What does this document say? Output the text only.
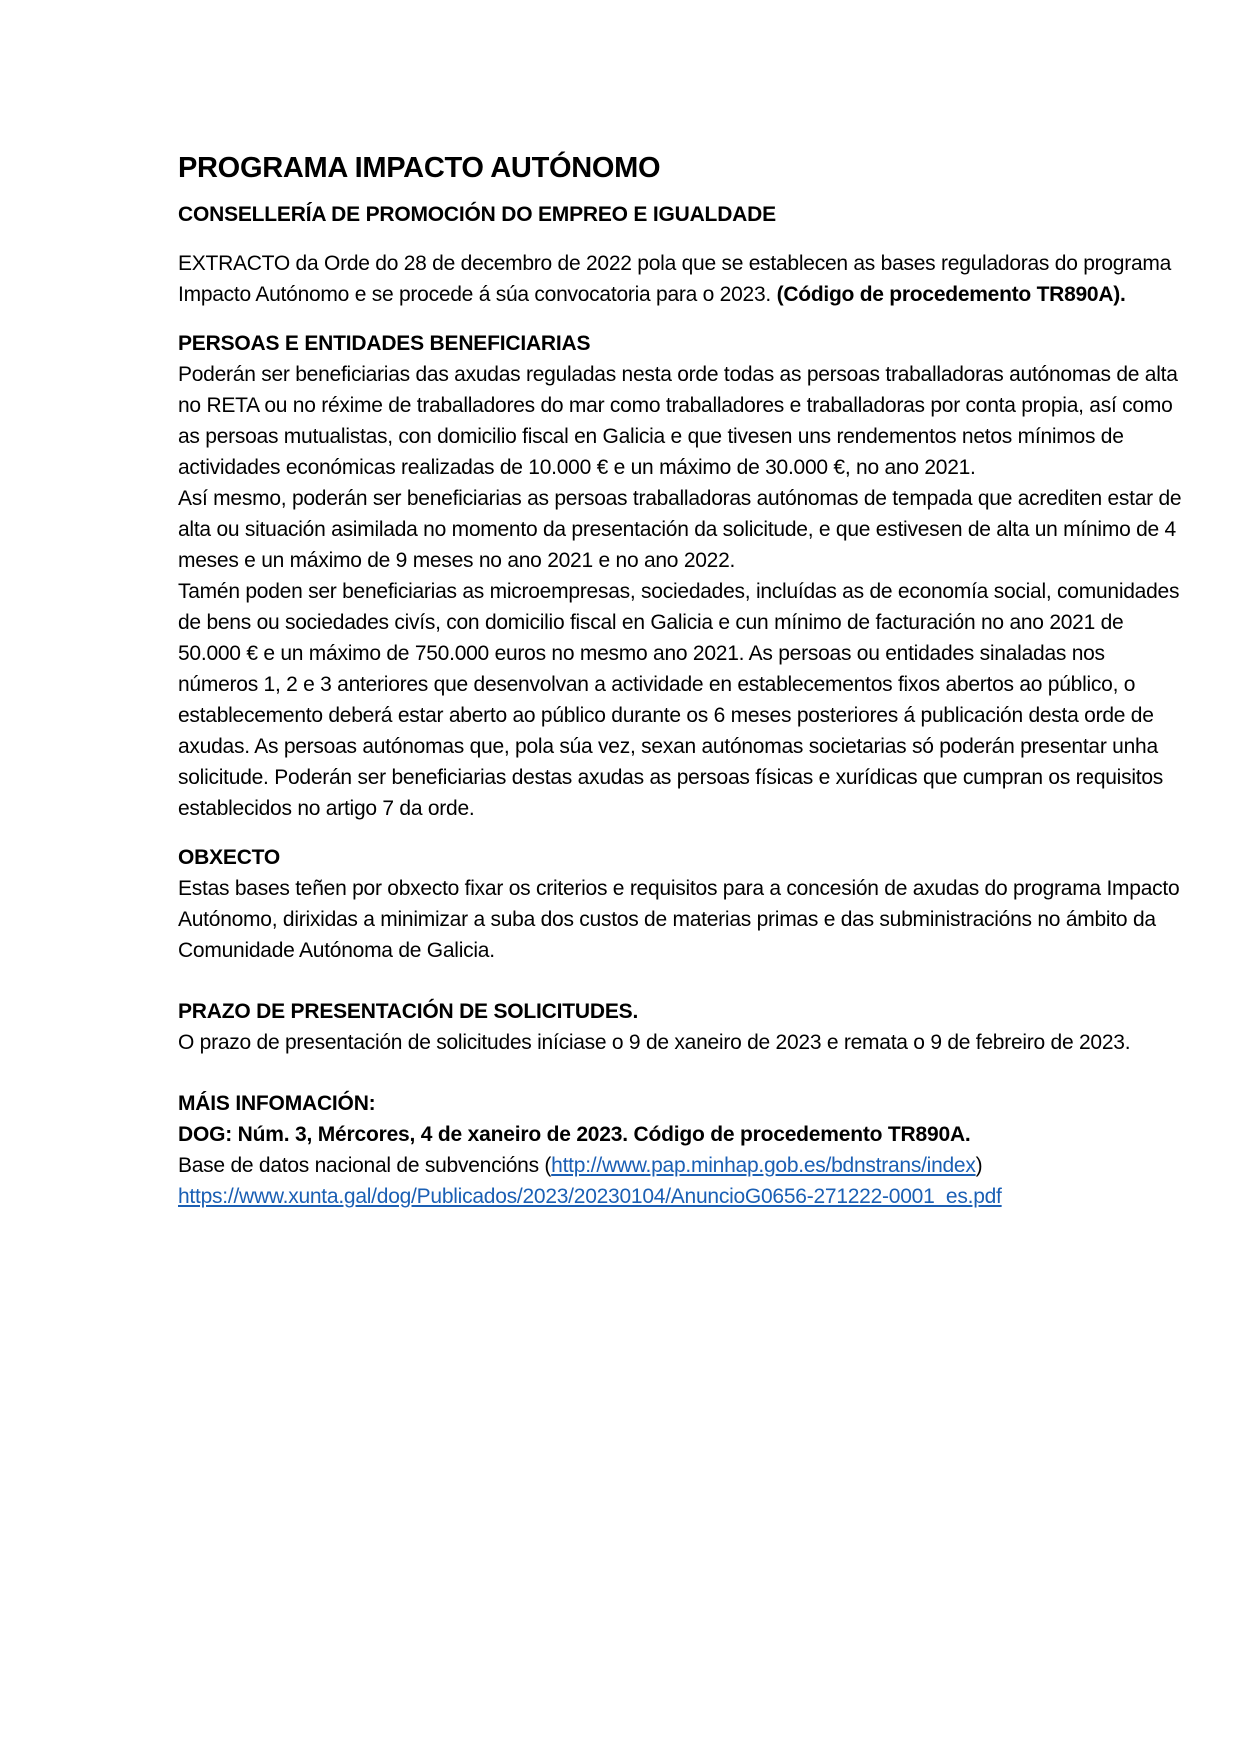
PROGRAMA IMPACTO AUTÓNOMO
CONSELLERÍA DE PROMOCIÓN DO EMPREO E IGUALDADE

EXTRACTO da Orde do 28 de decembro de 2022 pola que se establecen as bases reguladoras do programa Impacto Autónomo e se procede á súa convocatoria para o 2023. (Código de procedemento TR890A).

PERSOAS E ENTIDADES BENEFICIARIAS

Poderán ser beneficiarias das axudas reguladas nesta orde todas as persoas traballadoras autónomas de alta no RETA ou no réxime de traballadores do mar como traballadores e traballadoras por conta propia, así como as persoas mutualistas, con domicilio fiscal en Galicia e que tivesen uns rendementos netos mínimos de actividades económicas realizadas de 10.000 € e un máximo de 30.000 €, no ano 2021.

Así mesmo, poderán ser beneficiarias as persoas traballadoras autónomas de tempada que acrediten estar de alta ou situación asimilada no momento da presentación da solicitude, e que estivesen de alta un mínimo de 4 meses e un máximo de 9 meses no ano 2021 e no ano 2022.

Tamén poden ser beneficiarias as microempresas, sociedades, incluídas as de economía social, comunidades de bens ou sociedades civís, con domicilio fiscal en Galicia e cun mínimo de facturación no ano 2021 de 50.000 € e un máximo de 750.000 euros no mesmo ano 2021. As persoas ou entidades sinaladas nos números 1, 2 e 3 anteriores que desenvolvan a actividade en establecementos fixos abertos ao público, o establecemento deberá estar aberto ao público durante os 6 meses posteriores á publicación desta orde de axudas. As persoas autónomas que, pola súa vez, sexan autónomas societarias só poderán presentar unha solicitude. Poderán ser beneficiarias destas axudas as persoas físicas e xurídicas que cumpran os requisitos establecidos no artigo 7 da orde.

OBXECTO

Estas bases teñen por obxecto fixar os criterios e requisitos para a concesión de axudas do programa Impacto Autónomo, dirixidas a minimizar a suba dos custos de materias primas e das subministracións no ámbito da Comunidade Autónoma de Galicia.

PRAZO DE PRESENTACIÓN DE SOLICITUDES.

O prazo de presentación de solicitudes iníciase o 9 de xaneiro de 2023 e remata o 9 de febreiro de 2023.

MÁIS INFOMACIÓN:
DOG: Núm. 3, Mércores, 4 de xaneiro de 2023. Código de procedemento TR890A.

Base de datos nacional de subvencións (http://www.pap.minhap.gob.es/bdnstrans/index)

https://www.xunta.gal/dog/Publicados/2023/20230104/AnuncioG0656-271222-0001_es.pdf
